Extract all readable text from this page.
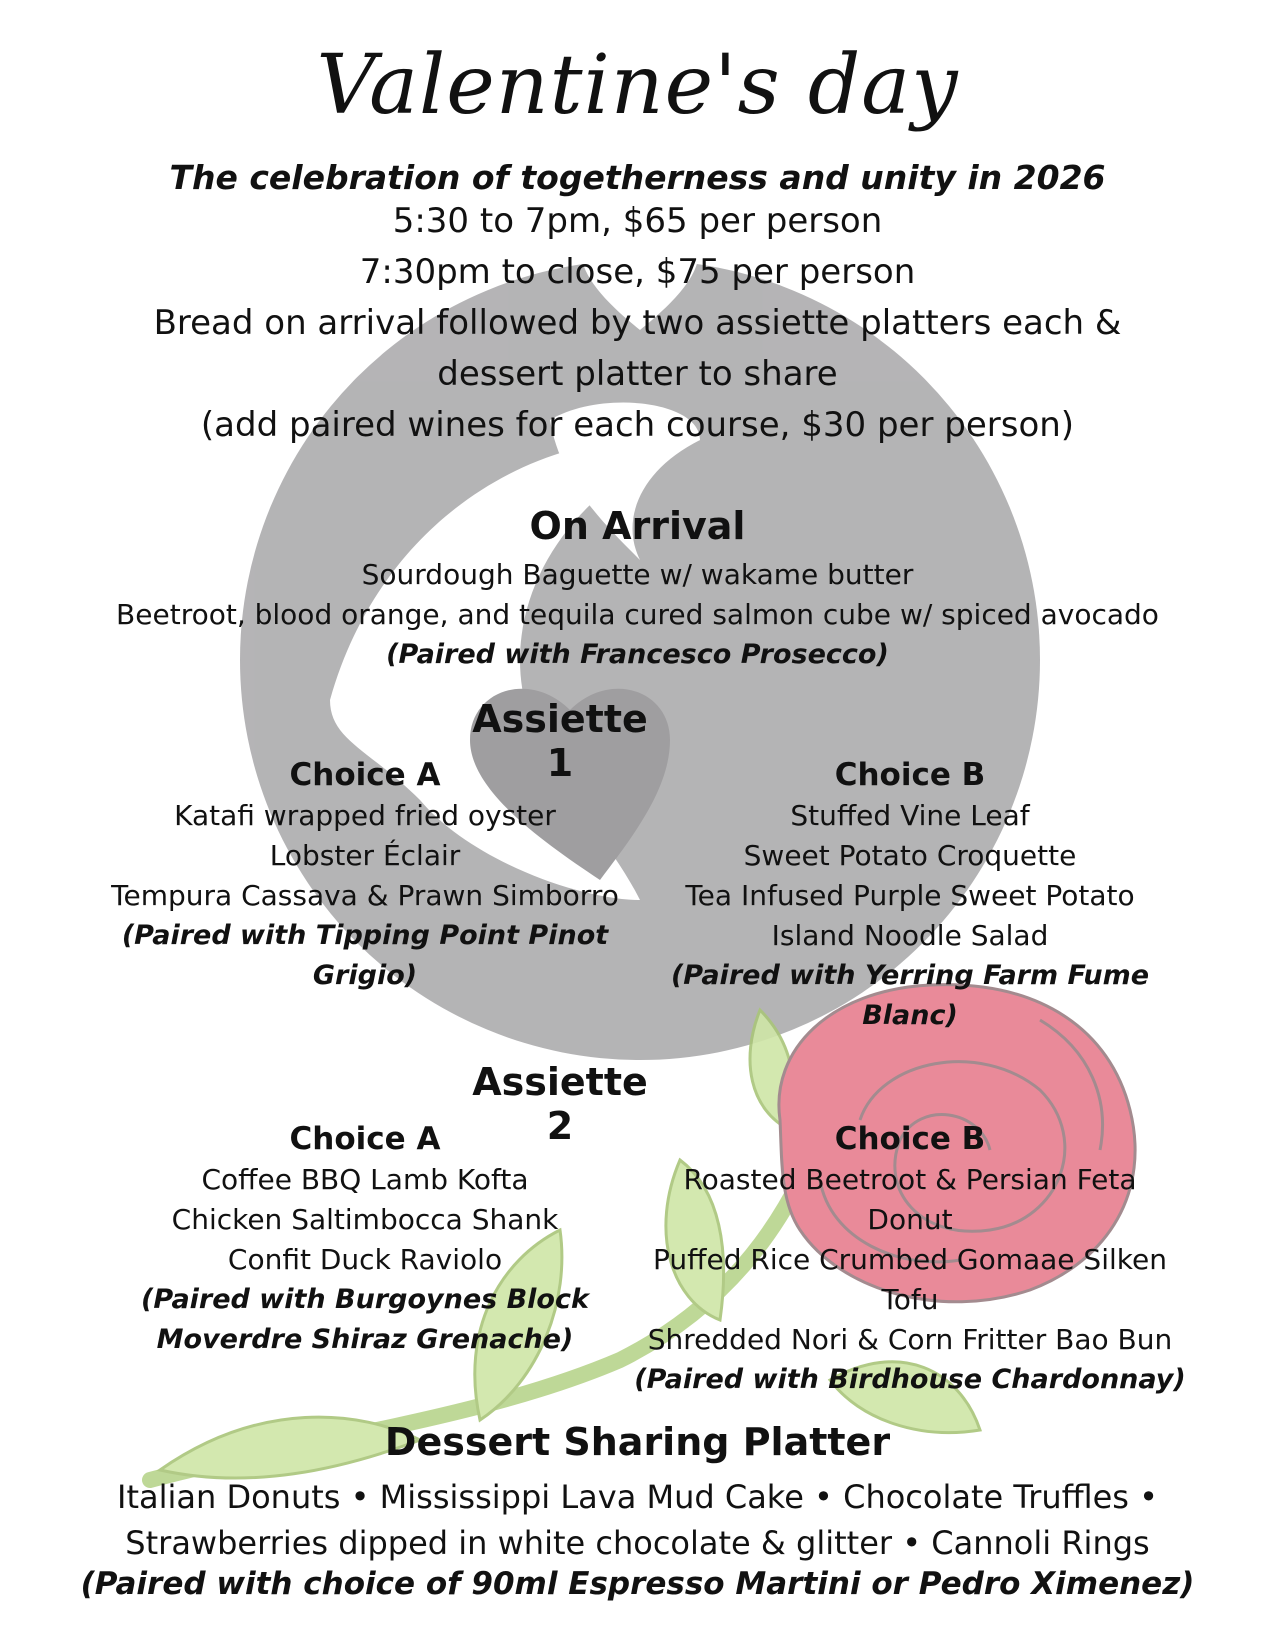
Valentine's day
The celebration of togetherness and unity in 2026
5:30 to 7pm, $65 per person
7:30pm to close, $75 per person
Bread on arrival followed by two assiette platters each &
dessert platter to share
(add paired wines for each course, $30 per person)
On Arrival
Sourdough Baguette w/ wakame butter
Beetroot, blood orange, and tequila cured salmon cube w/ spiced avocado
(Paired with Francesco Prosecco)
Assiette 1
Choice A
Katafi wrapped fried oyster
Lobster Éclair
Tempura Cassava & Prawn Simborro
(Paired with Tipping Point Pinot
Grigio)
Choice B
Stuffed Vine Leaf
Sweet Potato Croquette
Tea Infused Purple Sweet Potato
Island Noodle Salad
(Paired with Yerring Farm Fume
Blanc)
Assiette 2
Choice A
Coffee BBQ Lamb Kofta
Chicken Saltimbocca Shank
Confit Duck Raviolo
(Paired with Burgoynes Block
Moverdre Shiraz Grenache)
Choice B
Roasted Beetroot & Persian Feta
Donut
Puffed Rice Crumbed Gomaae Silken
Tofu
Shredded Nori & Corn Fritter Bao Bun
(Paired with Birdhouse Chardonnay)
Dessert Sharing Platter
Italian Donuts • Mississippi Lava Mud Cake • Chocolate Truffles •
Strawberries dipped in white chocolate & glitter • Cannoli Rings
(Paired with choice of 90ml Espresso Martini or Pedro Ximenez)
